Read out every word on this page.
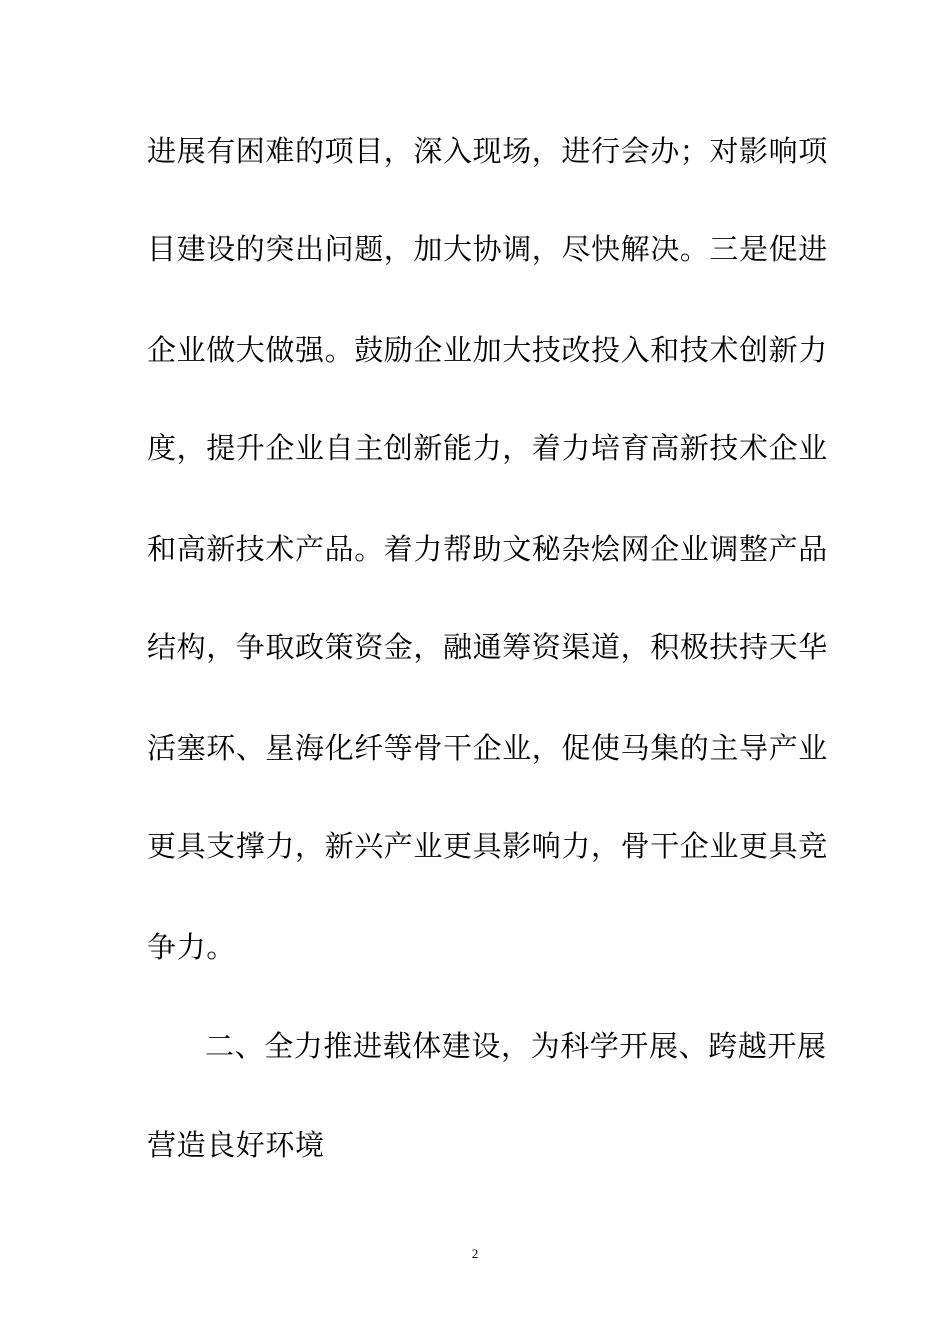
进展有困难的项目，深入现场，进行会办；对影响项
目建设的突出问题，加大协调，尽快解决。三是促进
企业做大做强。鼓励企业加大技改投入和技术创新力
度，提升企业自主创新能力，着力培育高新技术企业
和高新技术产品。着力帮助文秘杂烩网企业调整产品
结构，争取政策资金，融通筹资渠道，积极扶持天华
活塞环、星海化纤等骨干企业，促使马集的主导产业
更具支撑力，新兴产业更具影响力，骨干企业更具竞
争力。
二、全力推进载体建设，为科学开展、跨越开展
营造良好环境
2
